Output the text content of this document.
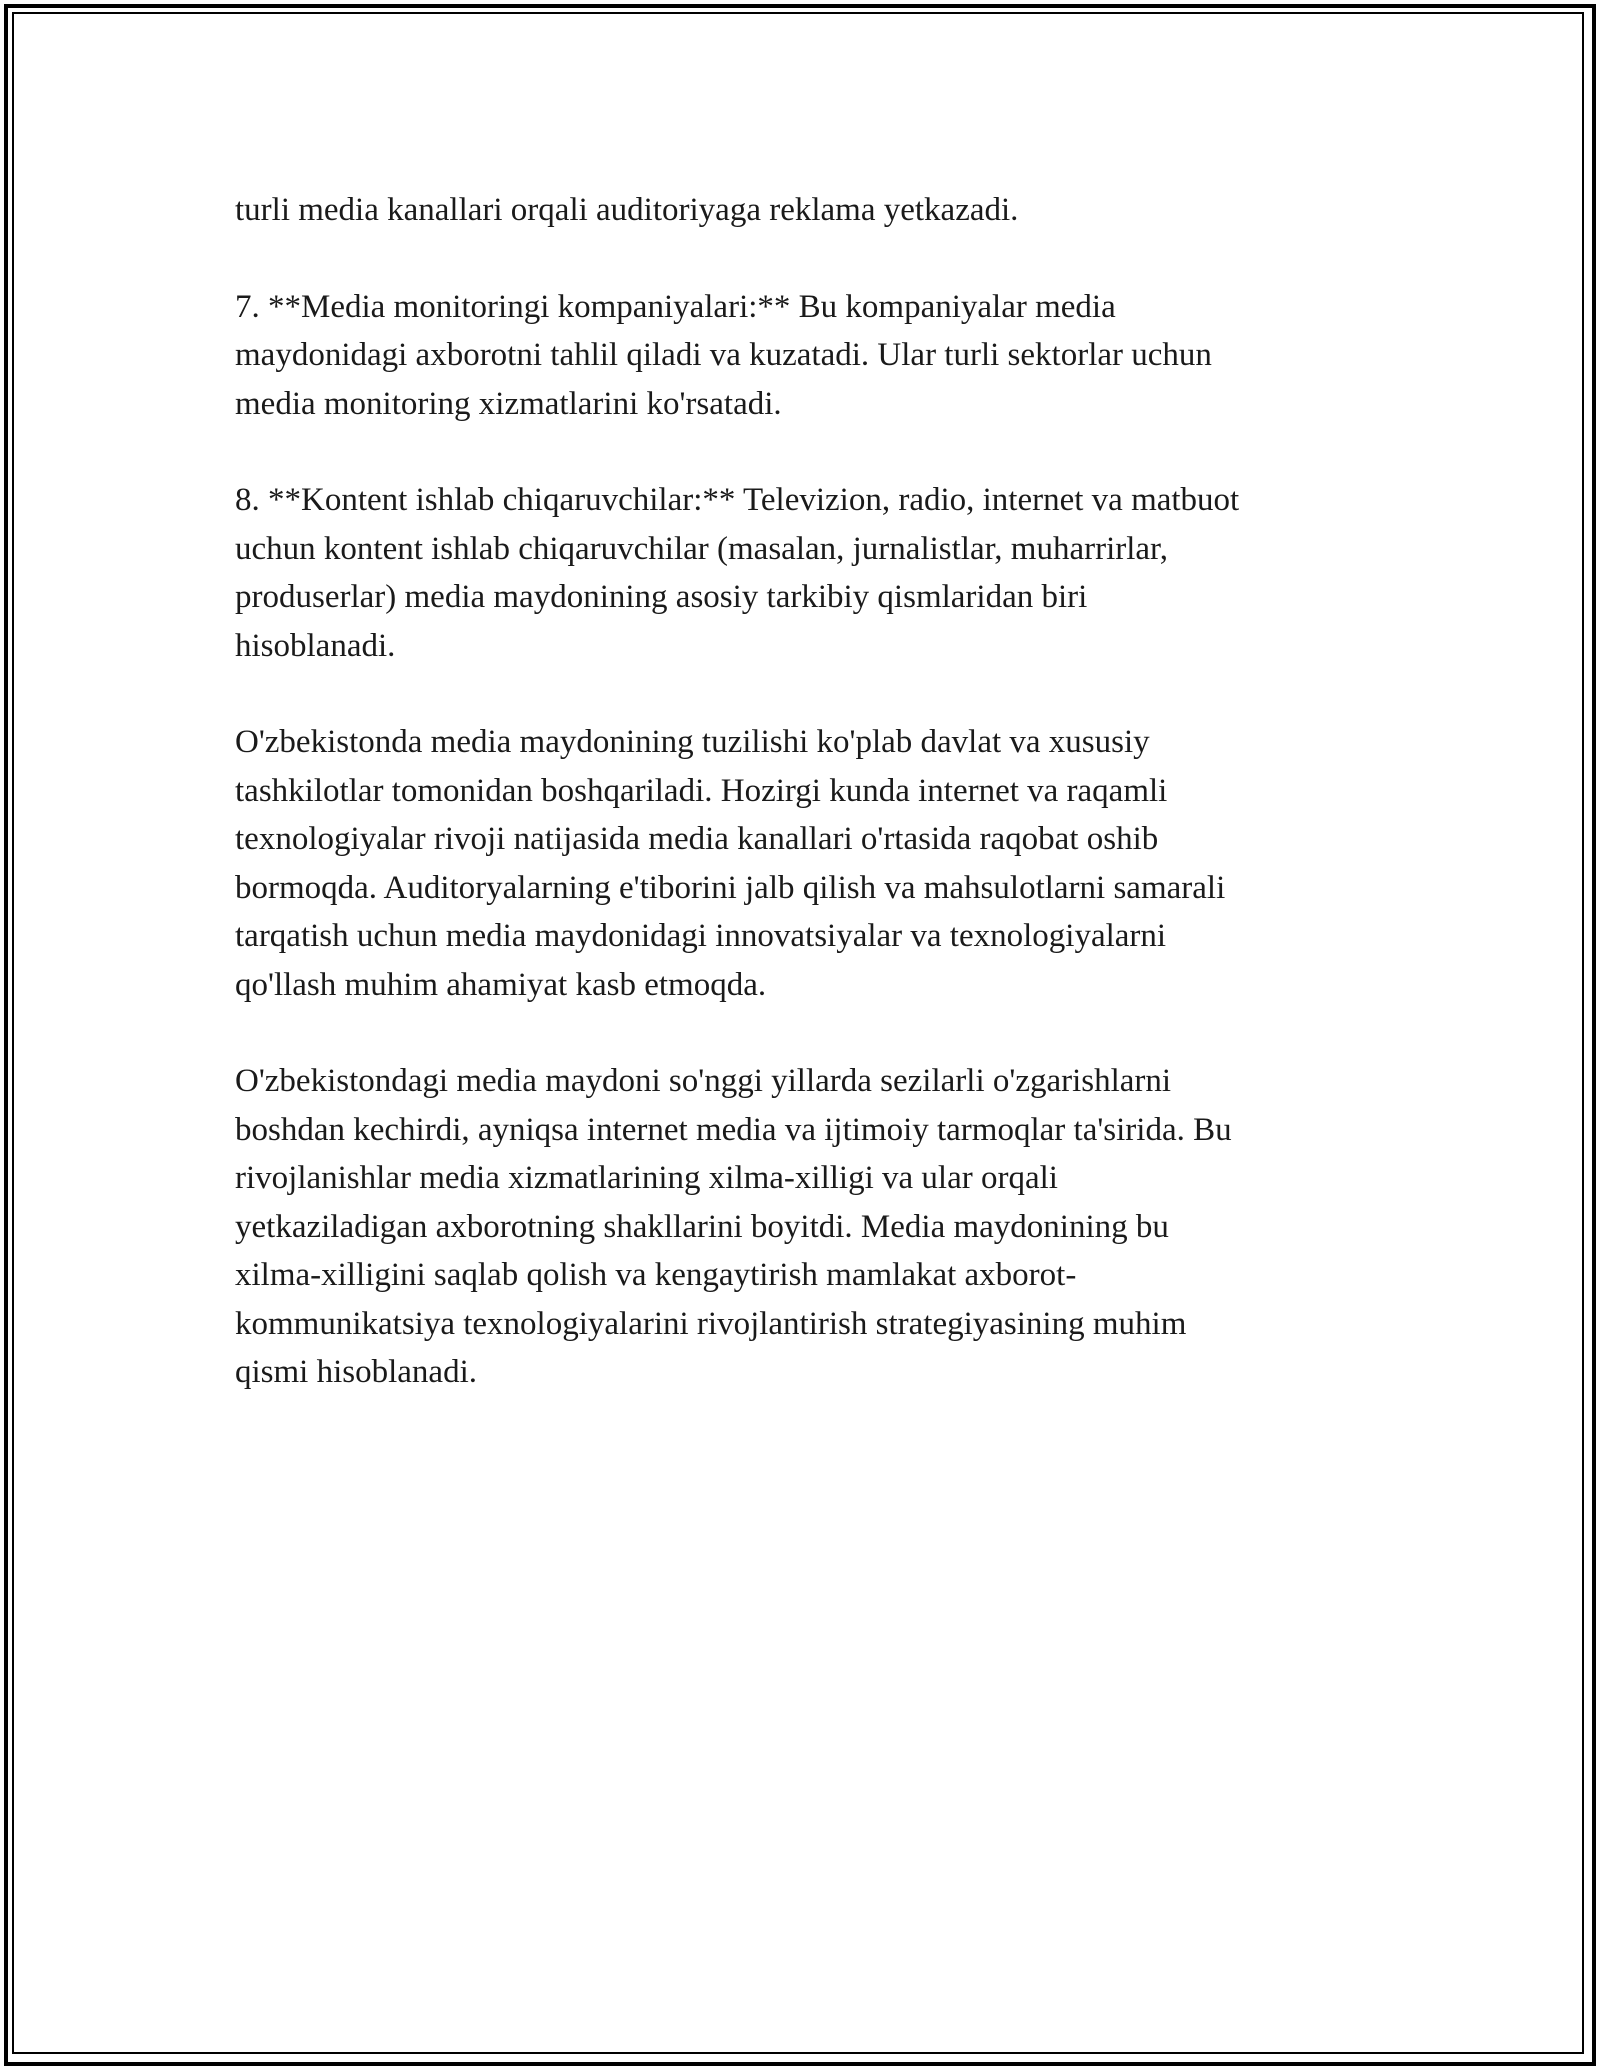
turli media kanallari orqali auditoriyaga reklama yetkazadi.

7. **Media monitoringi kompaniyalari:** Bu kompaniyalar media
maydonidagi axborotni tahlil qiladi va kuzatadi. Ular turli sektorlar uchun
media monitoring xizmatlarini ko'rsatadi.

8. **Kontent ishlab chiqaruvchilar:** Televizion, radio, internet va matbuot
uchun kontent ishlab chiqaruvchilar (masalan, jurnalistlar, muharrirlar,
produserlar) media maydonining asosiy tarkibiy qismlaridan biri
hisoblanadi.

O'zbekistonda media maydonining tuzilishi ko'plab davlat va xususiy
tashkilotlar tomonidan boshqariladi. Hozirgi kunda internet va raqamli
texnologiyalar rivoji natijasida media kanallari o'rtasida raqobat oshib
bormoqda. Auditoryalarning e'tiborini jalb qilish va mahsulotlarni samarali
tarqatish uchun media maydonidagi innovatsiyalar va texnologiyalarni
qo'llash muhim ahamiyat kasb etmoqda.

O'zbekistondagi media maydoni so'nggi yillarda sezilarli o'zgarishlarni
boshdan kechirdi, ayniqsa internet media va ijtimoiy tarmoqlar ta'sirida. Bu
rivojlanishlar media xizmatlarining xilma-xilligi va ular orqali
yetkaziladigan axborotning shakllarini boyitdi. Media maydonining bu
xilma-xilligini saqlab qolish va kengaytirish mamlakat axborot-
kommunikatsiya texnologiyalarini rivojlantirish strategiyasining muhim
qismi hisoblanadi.
